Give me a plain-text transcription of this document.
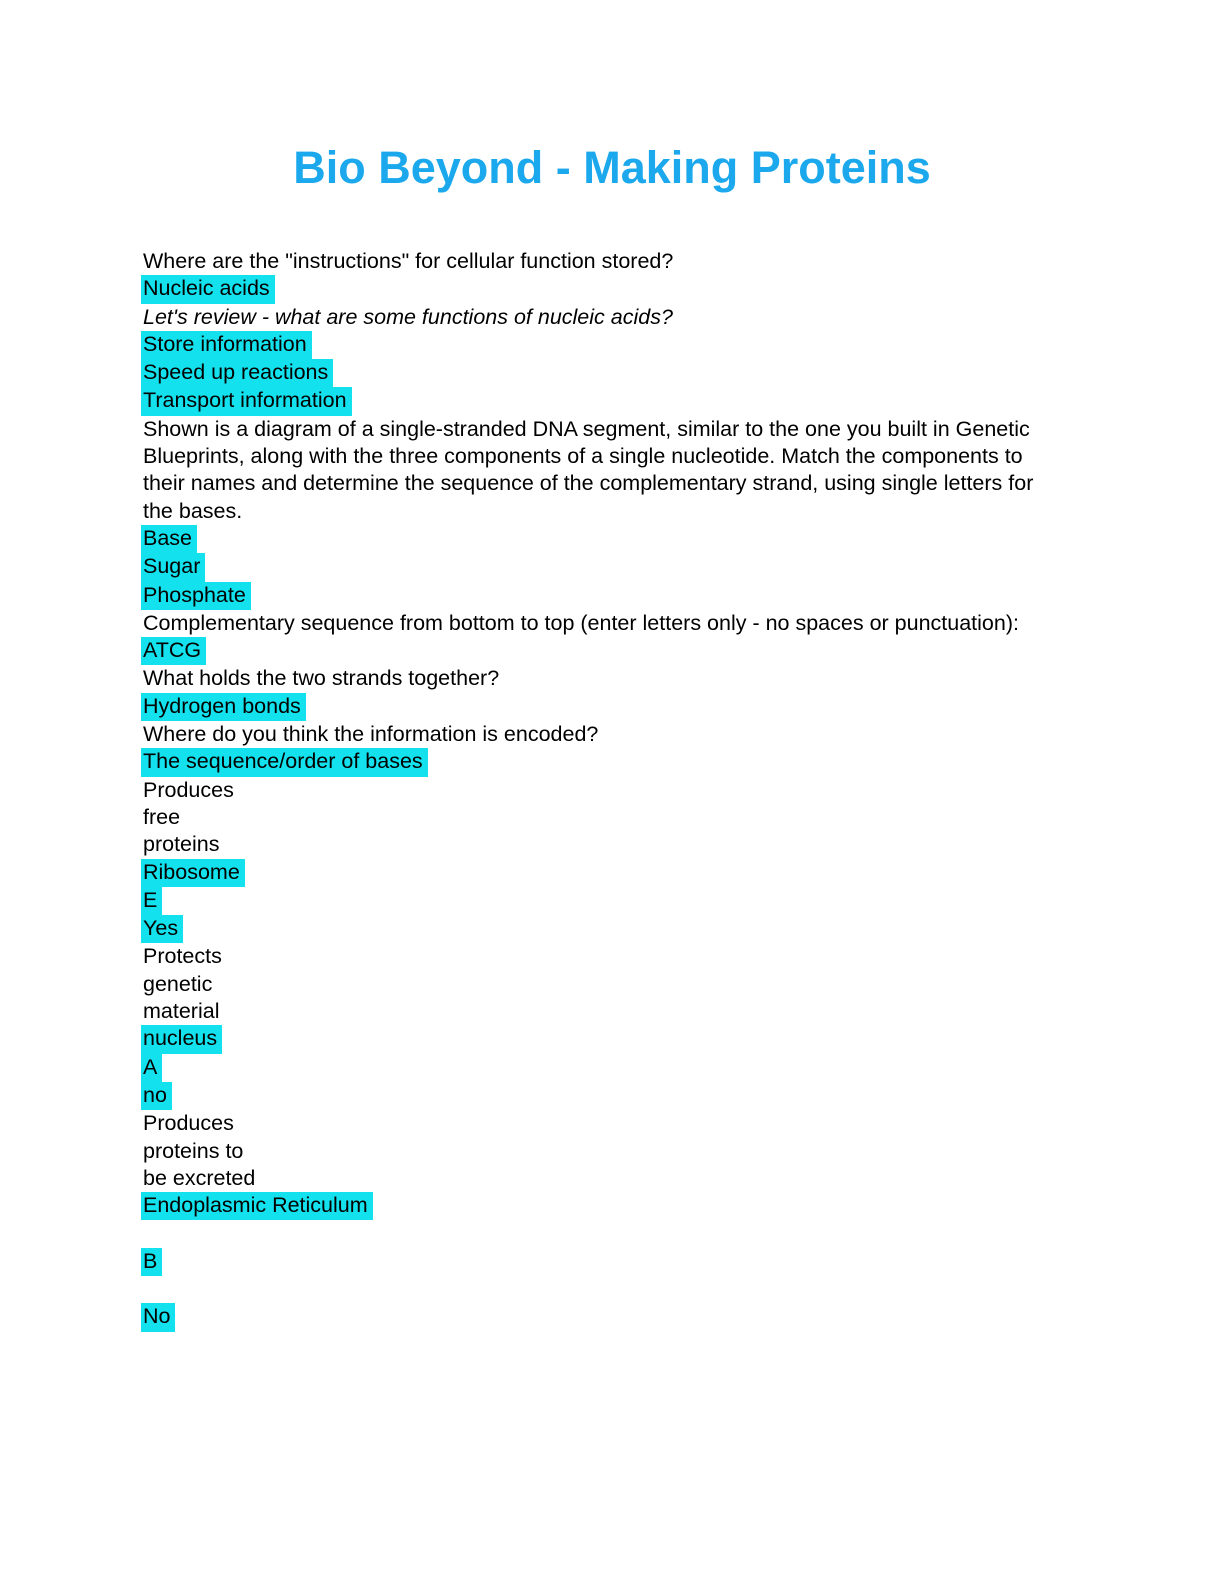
Bio Beyond - Making Proteins
Where are the "instructions" for cellular function stored?
Nucleic acids
Let's review - what are some functions of nucleic acids?
Store information
Speed up reactions
Transport information
Shown is a diagram of a single-stranded DNA segment, similar to the one you built in Genetic Blueprints, along with the three components of a single nucleotide. Match the components to their names and determine the sequence of the complementary strand, using single letters for the bases.
Base
Sugar
Phosphate
Complementary sequence from bottom to top (enter letters only - no spaces or punctuation):
ATCG
What holds the two strands together?
Hydrogen bonds
Where do you think the information is encoded?
The sequence/order of bases
Produces
free
proteins
Ribosome
E
Yes
Protects
genetic
material
nucleus
A
no
Produces
proteins to
be excreted
Endoplasmic Reticulum

B

No
